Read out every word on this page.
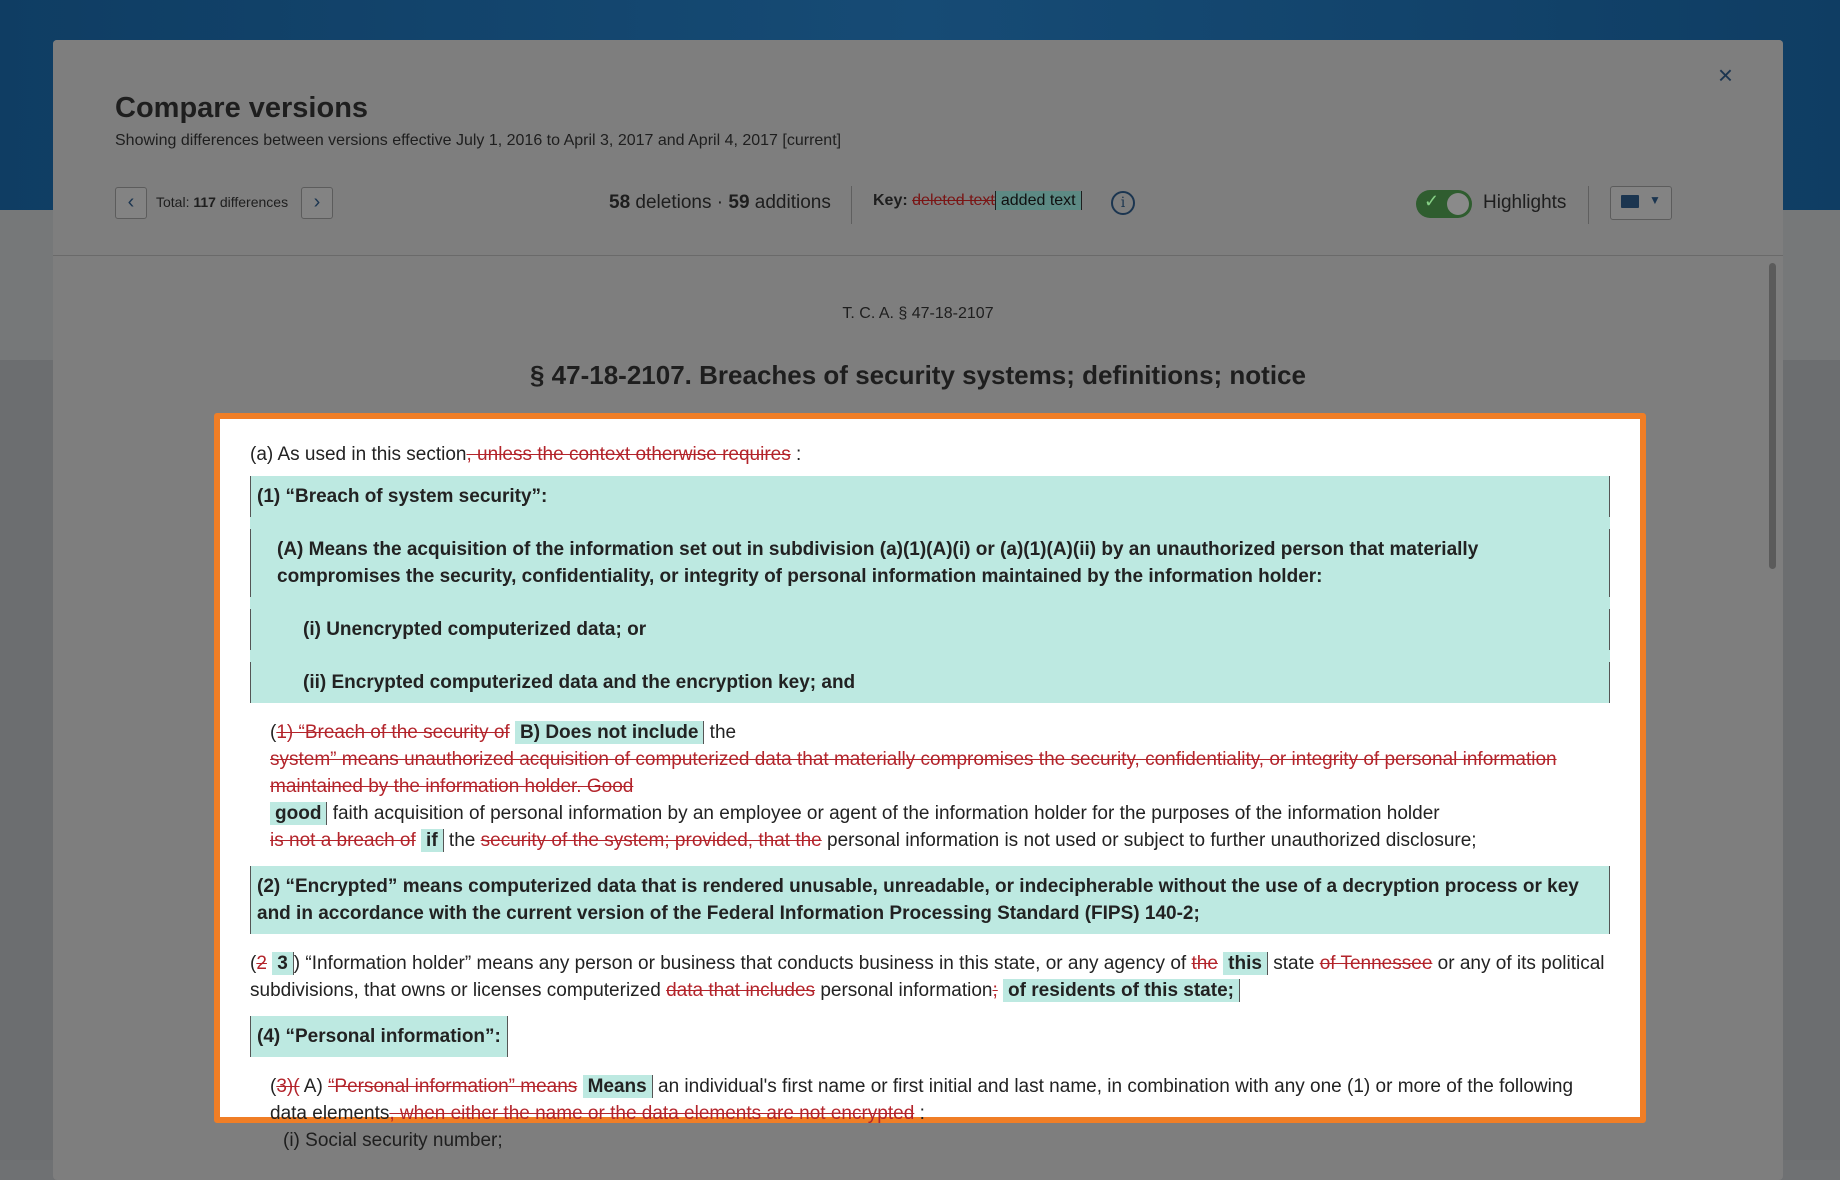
×
Compare versions
Showing differences between versions effective July 1, 2016 to April 3, 2017 and April 4, 2017 [current]
‹	Total: 117 differences	›	58 deletions · 59 additions	Key: deleted text added text	i	✓ Highlights	▼
T. C. A. § 47-18-2107
§ 47-18-2107. Breaches of security systems; definitions; notice
(i) Social security number;
(a) As used in this section, unless the context otherwise requires :
(1) “Breach of system security”:
(A) Means the acquisition of the information set out in subdivision (a)(1)(A)(i) or (a)(1)(A)(ii) by an unauthorized person that materially compromises the security, confidentiality, or integrity of personal information maintained by the information holder:
(i) Unencrypted computerized data; or
(ii) Encrypted computerized data and the encryption key; and
(1) “Breach of the security of B) Does not include the
system” means unauthorized acquisition of computerized data that materially compromises the security, confidentiality, or integrity of personal information maintained by the information holder. Good
good faith acquisition of personal information by an employee or agent of the information holder for the purposes of the information holder
is not a breach of if the security of the system; provided, that the personal information is not used or subject to further unauthorized disclosure;
(2) “Encrypted” means computerized data that is rendered unusable, unreadable, or indecipherable without the use of a decryption process or key and in accordance with the current version of the Federal Information Processing Standard (FIPS) 140-2;
(2 3 ) “Information holder” means any person or business that conducts business in this state, or any agency of the this state of Tennessee or any of its political subdivisions, that owns or licenses computerized data that includes personal information; of residents of this state;
(4) “Personal information”:
(3)( A) “Personal information” means Means an individual's first name or first initial and last name, in combination with any one (1) or more of the following data elements, when either the name or the data elements are not encrypted :
